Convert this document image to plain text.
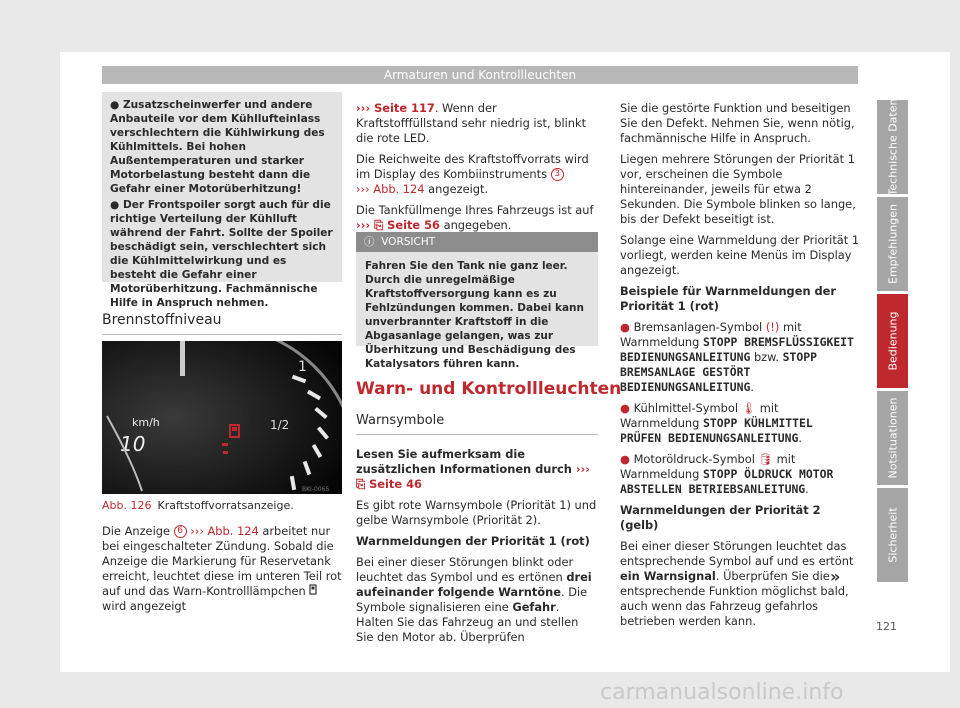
Armaturen und Kontrollleuchten
● Zusatzscheinwerfer und andere Anbauteile vor dem Kühllufteinlass verschlechtern die Kühlwirkung des Kühlmittels. Bei hohen Außentemperaturen und starker Motorbelastung besteht dann die Gefahr einer Motorüberhitzung!
● Der Frontspoiler sorgt auch für die richtige Verteilung der Kühlluft während der Fahrt. Sollte der Spoiler beschädigt sein, verschlechtert sich die Kühlmittelwirkung und es besteht die Gefahr einer Motorüberhitzung. Fachmännische Hilfe in Anspruch nehmen.
Brennstoffniveau
1
1/2
km/h
10
BKI-0065
Abb. 126 Kraftstoffvorratsanzeige.

Die Anzeige 6 ››› Abb. 124 arbeitet nur bei eingeschalteter Zündung. Sobald die Anzeige die Markierung für Reservetank erreicht, leuchtet diese im unteren Teil rot auf und das Warn-Kontrolllämpchen  wird angezeigt

››› Seite 117. Wenn der Kraftstofffüllstand sehr niedrig ist, blinkt die rote LED.

Die Reichweite des Kraftstoffvorrats wird im Display des Kombiinstruments 3
››› Abb. 124 angezeigt.

Die Tankfüllmenge Ihres Fahrzeugs ist auf
››› ⎘ Seite 56 angegeben.

ⓘ VORSICHT
Fahren Sie den Tank nie ganz leer. Durch die unregelmäßige Kraftstoffversorgung kann es zu Fehlzündungen kommen. Dabei kann unverbrannter Kraftstoff in die Abgasanlage gelangen, was zur Überhitzung und Beschädigung des Katalysators führen kann.
Warn- und Kontrollleuchten
Warnsymbole

Lesen Sie aufmerksam die zusätzlichen Informationen durch ››› ⎘ Seite 46

Es gibt rote Warnsymbole (Priorität 1) und gelbe Warnsymbole (Priorität 2).

Warnmeldungen der Priorität 1 (rot)

Bei einer dieser Störungen blinkt oder leuchtet das Symbol und es ertönen drei aufeinander folgende Warntöne. Die Symbole signalisieren eine Gefahr. Halten Sie das Fahrzeug an und stellen Sie den Motor ab. Überprüfen

Sie die gestörte Funktion und beseitigen Sie den Defekt. Nehmen Sie, wenn nötig, fachmännische Hilfe in Anspruch.

Liegen mehrere Störungen der Priorität 1 vor, erscheinen die Symbole hintereinander, jeweils für etwa 2 Sekunden. Die Symbole blinken so lange, bis der Defekt beseitigt ist.

Solange eine Warnmeldung der Priorität 1 vorliegt, werden keine Menüs im Display angezeigt.

Beispiele für Warnmeldungen der Priorität 1 (rot)

● Bremsanlagen-Symbol (!) mit Warnmeldung STOPP BREMSFLÜSSIGKEIT BEDIENUNGSANLEITUNG bzw. STOPP BREMSANLAGE GESTÖRT BEDIENUNGSANLEITUNG.

● Kühlmittel-Symbol 🌡 mit Warnmeldung STOPP KÜHLMITTEL PRÜFEN BEDIENUNGSANLEITUNG.

● Motoröldruck-Symbol 🛢 mit Warnmeldung STOPP ÖLDRUCK MOTOR ABSTELLEN BETRIEBSANLEITUNG.

Warnmeldungen der Priorität 2 (gelb)

Bei einer dieser Störungen leuchtet das entsprechende Symbol auf und es ertönt ein Warnsignal. Überprüfen Sie die entsprechende Funktion möglichst bald, auch wenn das Fahrzeug gefahrlos betrieben werden kann.

»
Technische Daten
Empfehlungen
Bedienung
Notsituationen
Sicherheit
121
carmanualsonline.info
